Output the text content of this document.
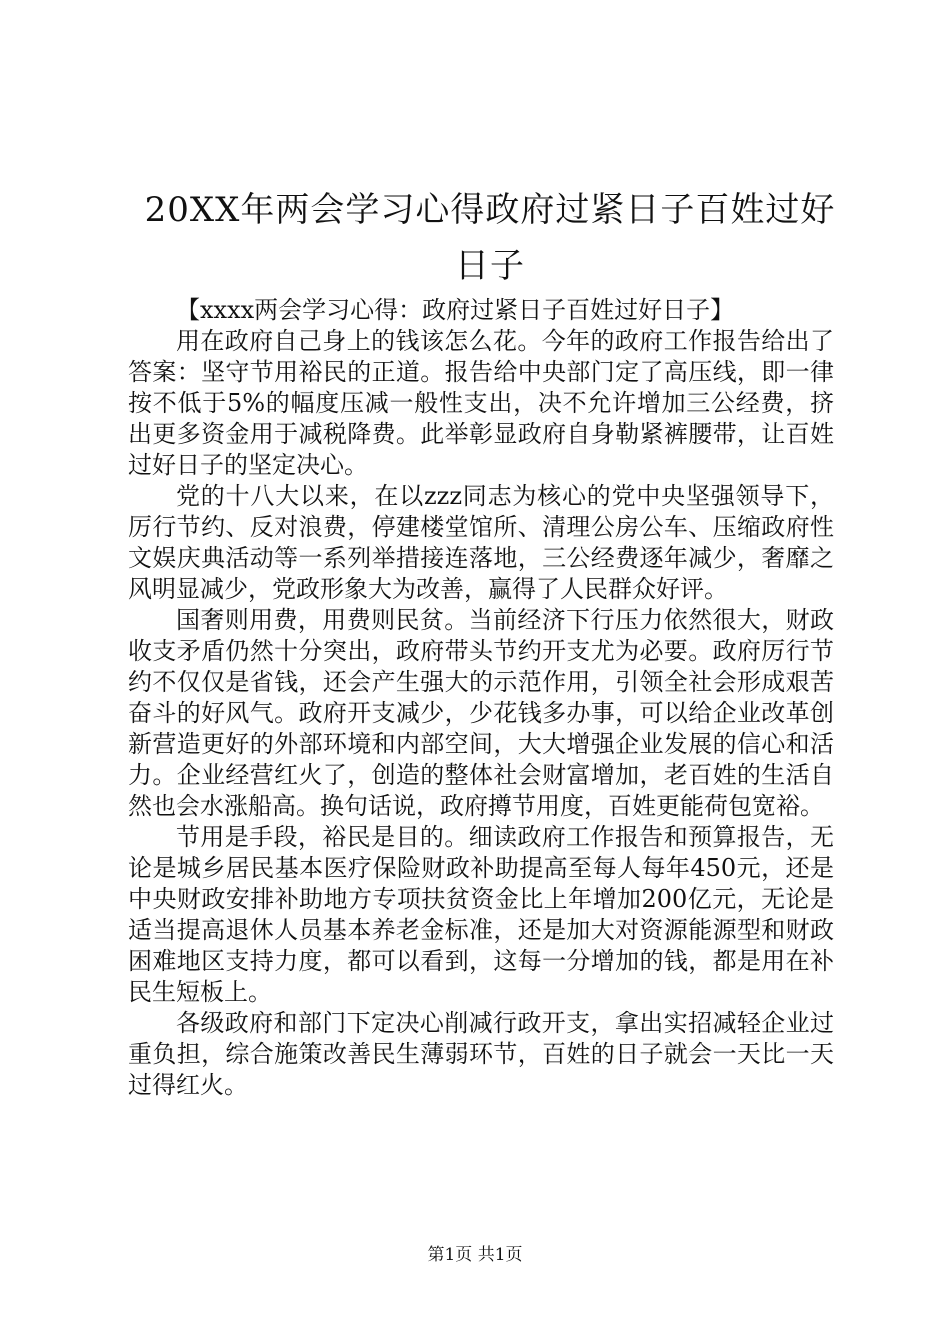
20XX年两会学习心得政府过紧日子百姓过好
日子

【xxxx两会学习心得：政府过紧日子百姓过好日子】

用在政府自己身上的钱该怎么花。今年的政府工作报告给出了答案：坚守节用裕民的正道。报告给中央部门定了高压线，即一律按不低于5%的幅度压减一般性支出，决不允许增加三公经费，挤出更多资金用于减税降费。此举彰显政府自身勒紧裤腰带，让百姓过好日子的坚定决心。

党的十八大以来，在以zzz同志为核心的党中央坚强领导下，厉行节约、反对浪费，停建楼堂馆所、清理公房公车、压缩政府性文娱庆典活动等一系列举措接连落地，三公经费逐年减少，奢靡之风明显减少，党政形象大为改善，赢得了人民群众好评。

国奢则用费，用费则民贫。当前经济下行压力依然很大，财政收支矛盾仍然十分突出，政府带头节约开支尤为必要。政府厉行节约不仅仅是省钱，还会产生强大的示范作用，引领全社会形成艰苦奋斗的好风气。政府开支减少，少花钱多办事，可以给企业改革创新营造更好的外部环境和内部空间，大大增强企业发展的信心和活力。企业经营红火了，创造的整体社会财富增加，老百姓的生活自然也会水涨船高。换句话说，政府撙节用度，百姓更能荷包宽裕。

节用是手段，裕民是目的。细读政府工作报告和预算报告，无论是城乡居民基本医疗保险财政补助提高至每人每年450元，还是中央财政安排补助地方专项扶贫资金比上年增加200亿元，无论是适当提高退休人员基本养老金标准，还是加大对资源能源型和财政困难地区支持力度，都可以看到，这每一分增加的钱，都是用在补民生短板上。

各级政府和部门下定决心削减行政开支，拿出实招减轻企业过重负担，综合施策改善民生薄弱环节，百姓的日子就会一天比一天过得红火。

第1页 共1页
